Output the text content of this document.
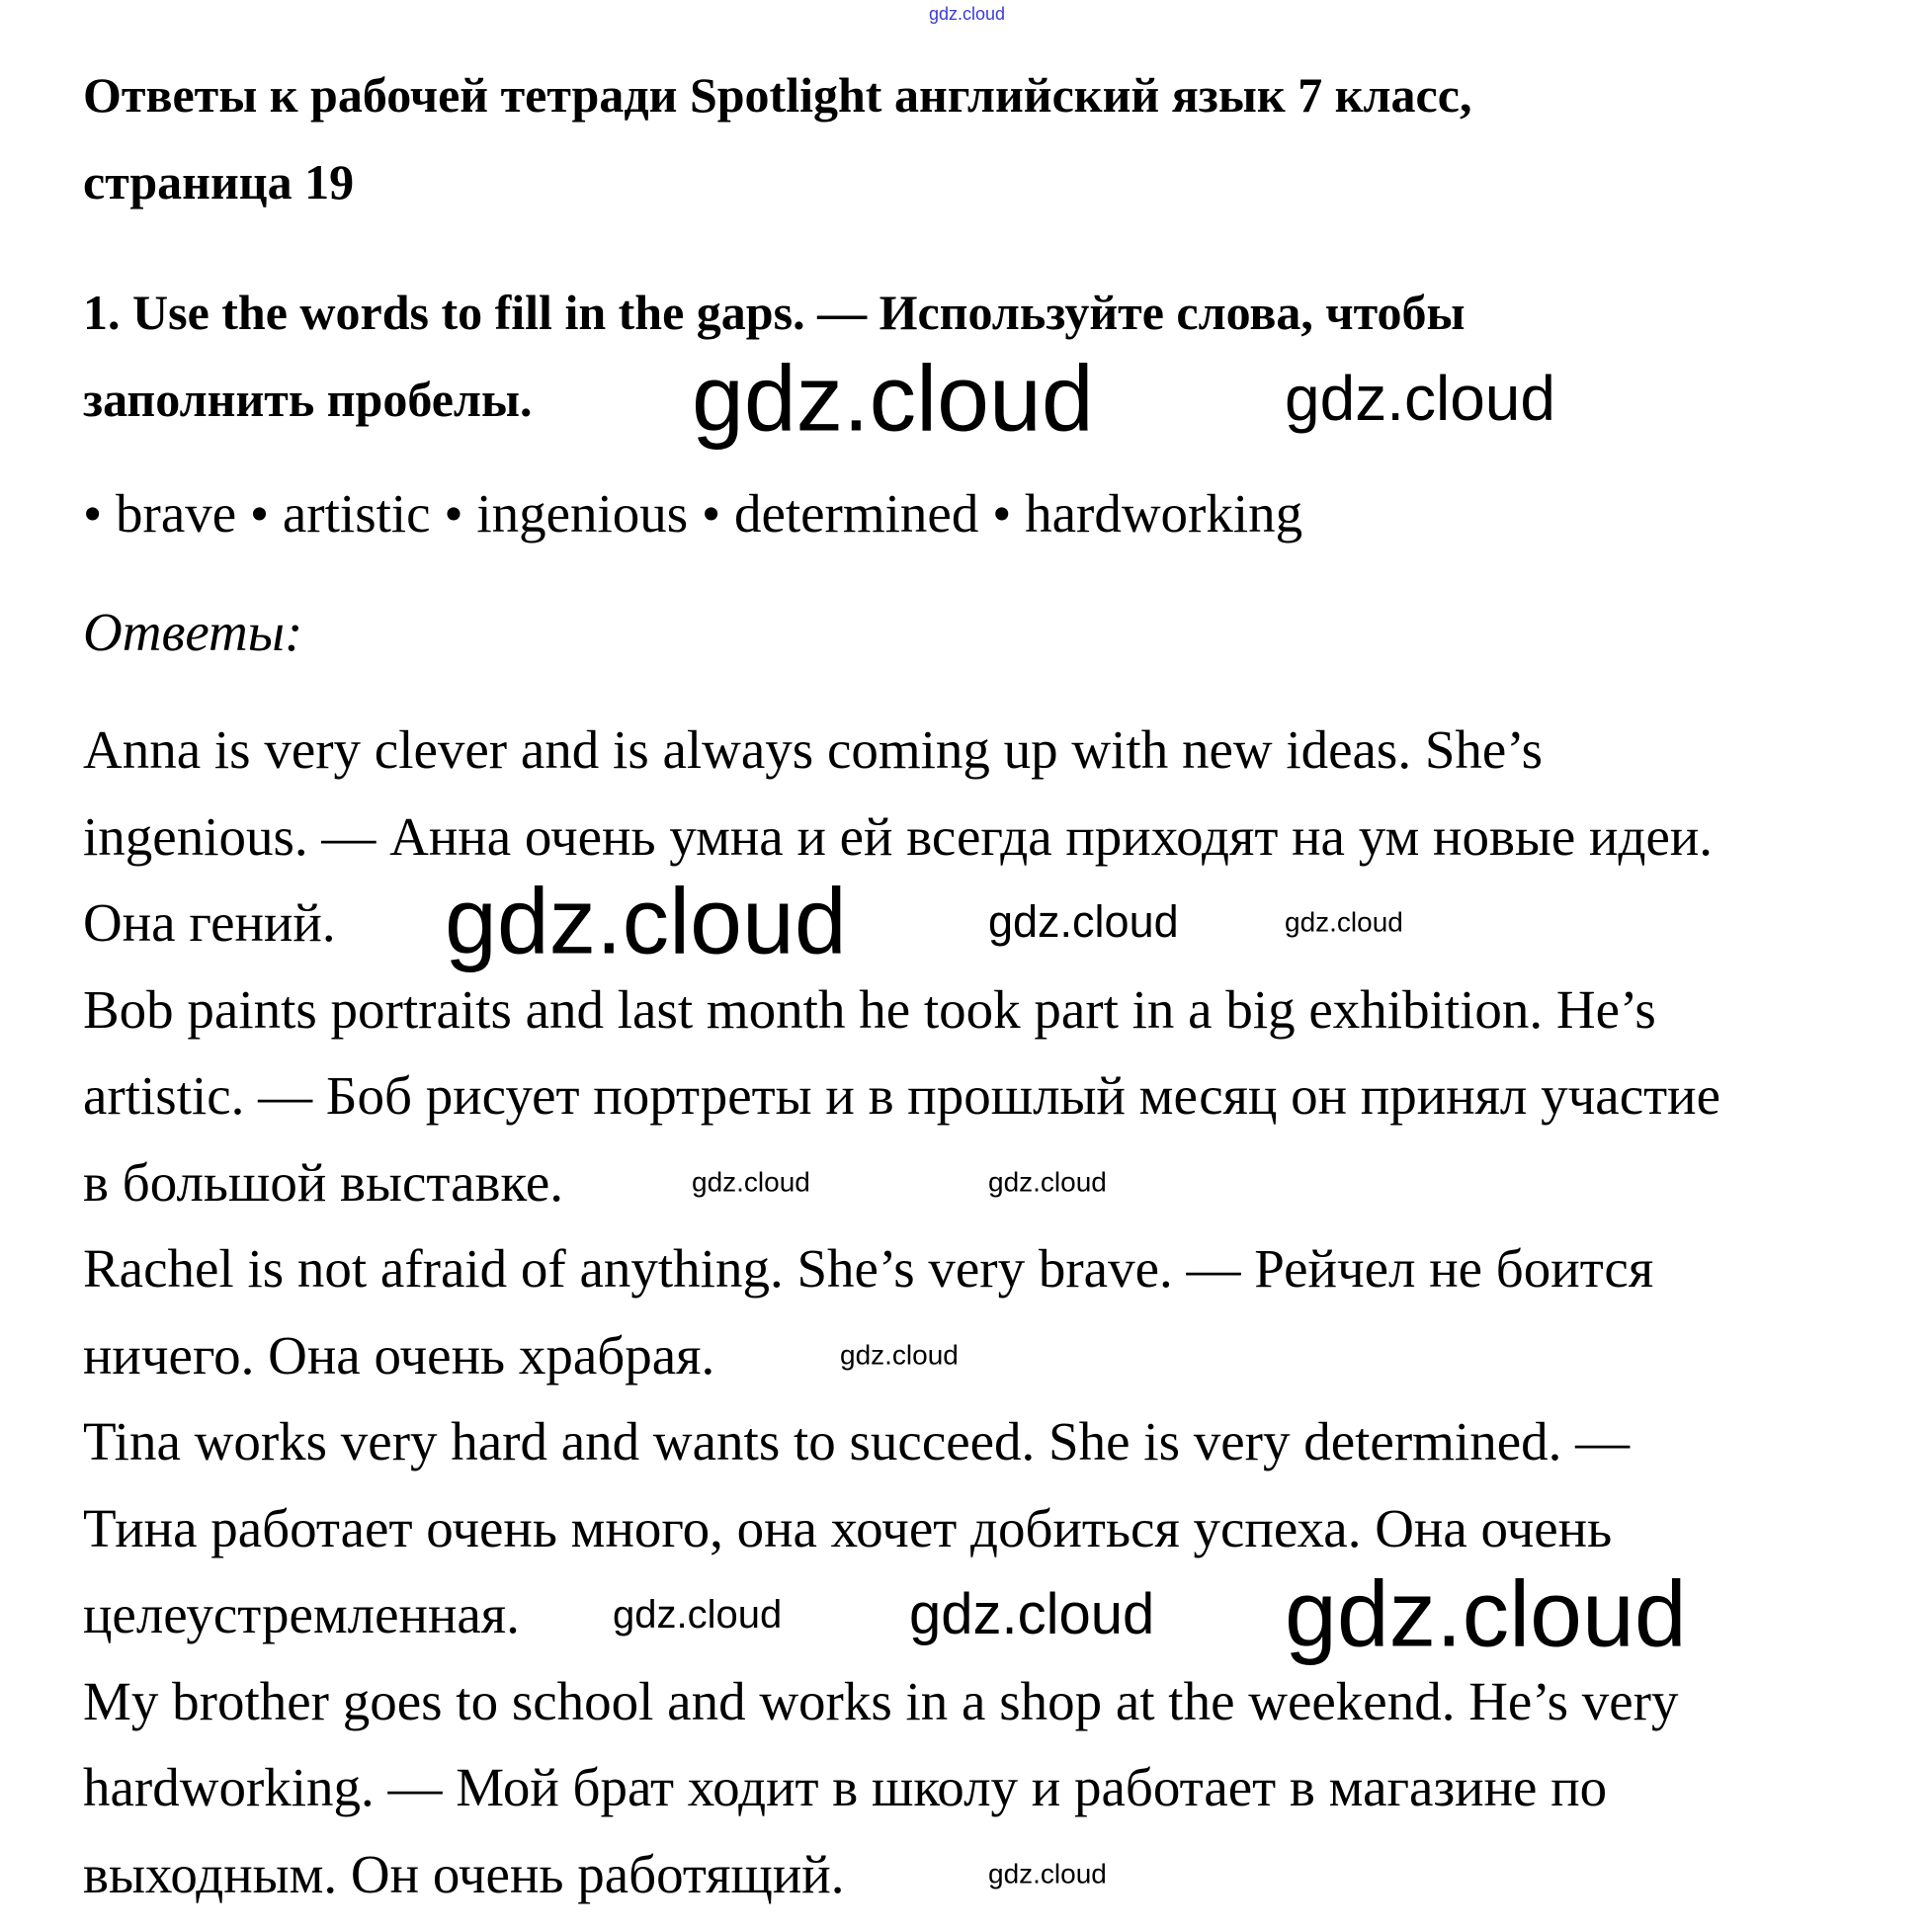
gdz.cloud
Ответы к рабочей тетради Spotlight английский язык 7 класс,
страница 19
1. Use the words to fill in the gaps. — Используйте слова, чтобы
заполнить пробелы.
• brave • artistic • ingenious • determined • hardworking
Ответы:
Anna is very clever and is always coming up with new ideas. She’s
ingenious. — Анна очень умна и ей всегда приходят на ум новые идеи.
Она гений.
Bob paints portraits and last month he took part in a big exhibition. He’s
artistic. — Боб рисует портреты и в прошлый месяц он принял участие
в большой выставке.
Rachel is not afraid of anything. She’s very brave. — Рейчел не боится
ничего. Она очень храбрая.
Tina works very hard and wants to succeed. She is very determined. —
Тина работает очень много, она хочет добиться успеха. Она очень
целеустремленная.
My brother goes to school and works in a shop at the weekend. He’s very
hardworking. — Мой брат ходит в школу и работает в магазине по
выходным. Он очень работящий.
gdz.cloud	gdz.cloud
gdz.cloud
gdz.cloud	gdz.cloud
gdz.cloud	gdz.cloud
gdz.cloud
gdz.cloud gdz.cloud gdz.cloud
gdz.cloud
